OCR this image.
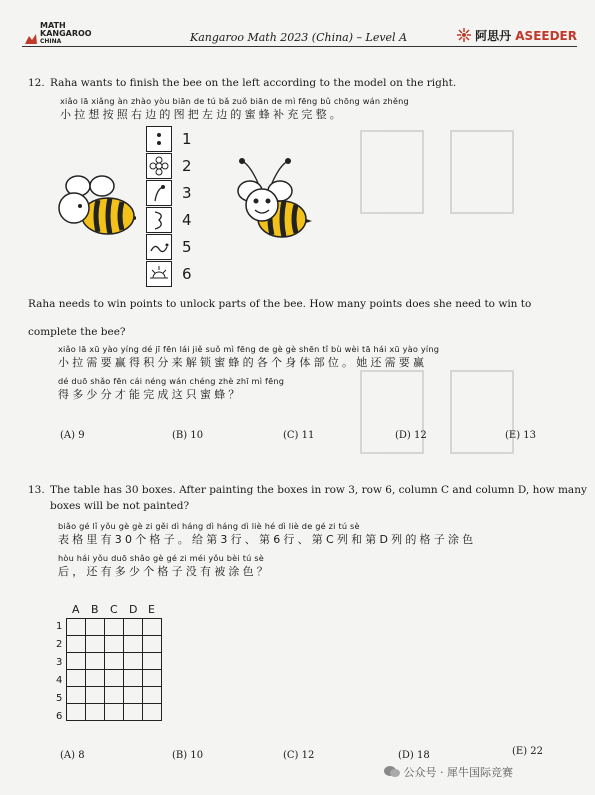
MATH
KANGAROO
CHINA	Kangaroo Math 2023 (China) – Level A	阿思丹 ASEEDER
12. Raha wants to finish the bee on the left according to the model on the right.
xiǎo lā xiǎng àn zhào yòu biān de tú bǎ zuǒ biān de mì fēng bǔ chōng wán zhěng
小拉想按照右边的图把左边的蜜蜂补充完整。
1
2
3
4
5
6
Raha needs to win points to unlock parts of the bee. How many points does she need to win to
complete the bee?
xiǎo lā xū yào yíng dé jī fēn lái jiě suǒ mì fēng de gè gè shēn tǐ bù wèi tā hái xū yào yíng
小拉需要赢得积分来解锁蜜蜂的各个身体部位。她还需要赢
dé duō shǎo fēn cái néng wán chéng zhè zhī mì fēng
得多少分才能完成这只蜜蜂？
(A) 9	(B) 10	(C) 11	(D) 12	(E) 13
13. The table has 30 boxes. After painting the boxes in row 3, row 6, column C and column D, how many
boxes will be not painted?
biǎo gé lǐ yǒu gè gè zi gěi dì háng dì háng dì liè hé dì liè de gé zi tú sè
表格里有30个格子。给第3行、第6行、第C列和第D列的格子涂色
hòu hái yǒu duō shǎo gè gé zi méi yǒu bèi tú sè
后，还有多少个格子没有被涂色？
A B C D E
1
2
3
4
5
6

(A) 8	(B) 10	(C) 12	(D) 18	(E) 22
公众号 · 犀牛国际竞赛
